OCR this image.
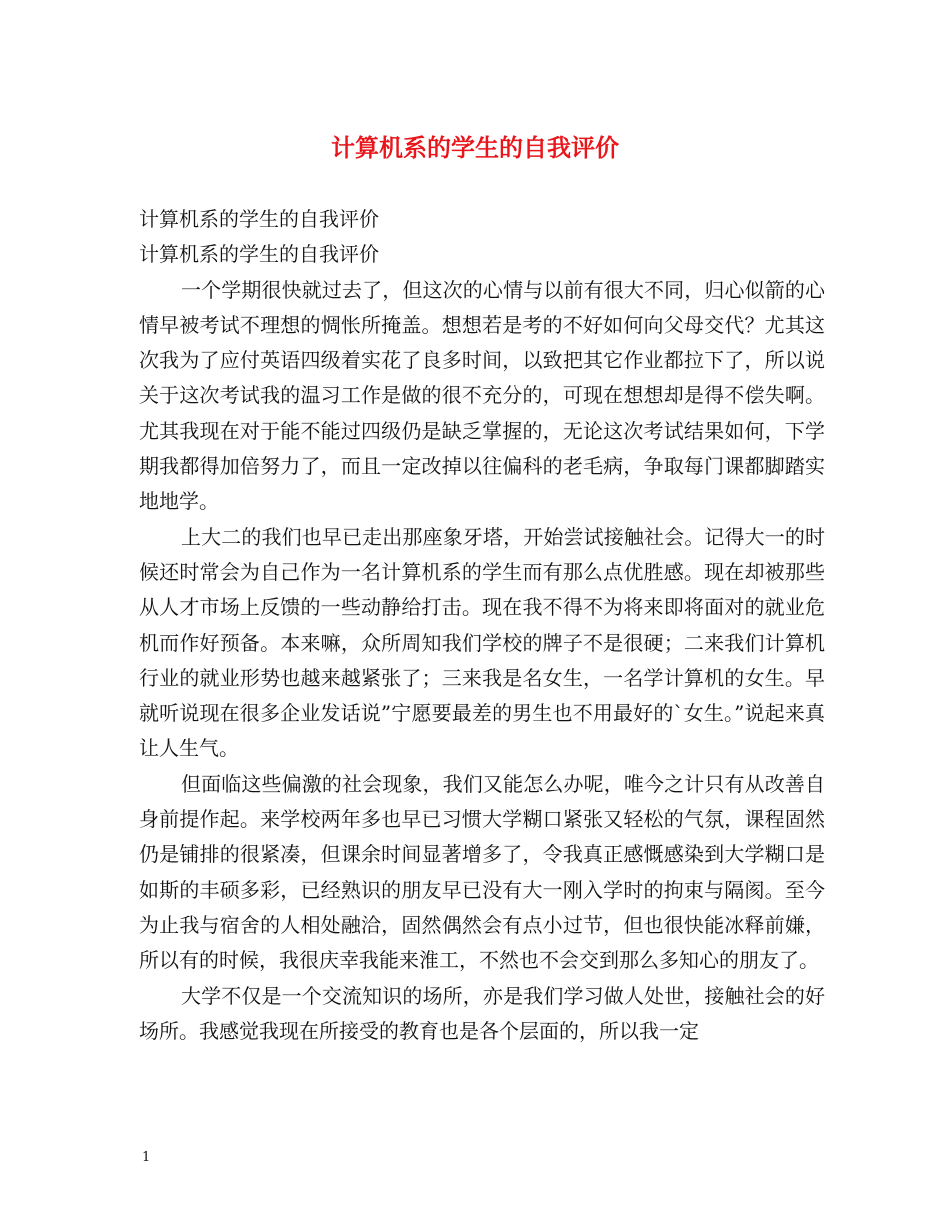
计算机系的学生的自我评价

计算机系的学生的自我评价

计算机系的学生的自我评价

一个学期很快就过去了，但这次的心情与以前有很大不同，归心似箭的心情早被考试不理想的惆怅所掩盖。想想若是考的不好如何向父母交代？尤其这次我为了应付英语四级着实花了良多时间，以致把其它作业都拉下了，所以说关于这次考试我的温习工作是做的很不充分的，可现在想想却是得不偿失啊。尤其我现在对于能不能过四级仍是缺乏掌握的，无论这次考试结果如何，下学期我都得加倍努力了，而且一定改掉以往偏科的老毛病，争取每门课都脚踏实地地学。

上大二的我们也早已走出那座象牙塔，开始尝试接触社会。记得大一的时候还时常会为自己作为一名计算机系的学生而有那么点优胜感。现在却被那些从人才市场上反馈的一些动静给打击。现在我不得不为将来即将面对的就业危机而作好预备。本来嘛，众所周知我们学校的牌子不是很硬；二来我们计算机行业的就业形势也越来越紧张了；三来我是名女生，一名学计算机的女生。早就听说现在很多企业发话说”宁愿要最差的男生也不用最好的`女生。”说起来真让人生气。

但面临这些偏激的社会现象，我们又能怎么办呢，唯今之计只有从改善自身前提作起。来学校两年多也早已习惯大学糊口紧张又轻松的气氛，课程固然仍是铺排的很紧凑，但课余时间显著增多了，令我真正感慨感染到大学糊口是如斯的丰硕多彩，已经熟识的朋友早已没有大一刚入学时的拘束与隔阂。至今为止我与宿舍的人相处融洽，固然偶然会有点小过节，但也很快能冰释前嫌，所以有的时候，我很庆幸我能来淮工，不然也不会交到那么多知心的朋友了。

大学不仅是一个交流知识的场所，亦是我们学习做人处世，接触社会的好场所。我感觉我现在所接受的教育也是各个层面的，所以我一定

1
